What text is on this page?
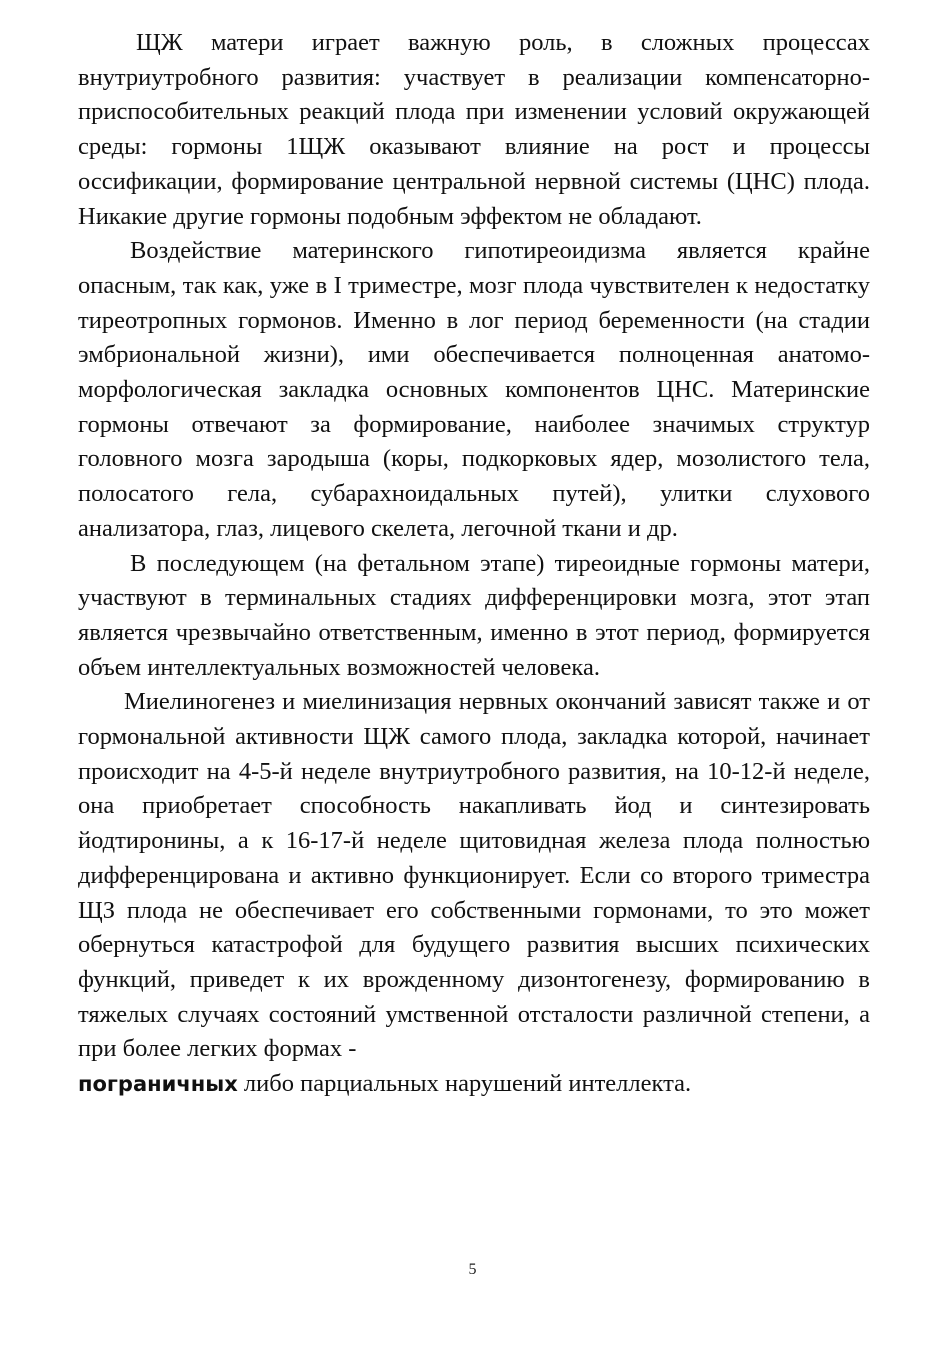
ЩЖ матери играет важную роль, в сложных процессах внутриутробного развития: участвует в реализации компенсаторно-приспособительных реакций плода при изменении условий окружающей среды: гормоны 1ЩЖ оказывают влияние на рост и процессы оссификации, формирование центральной нервной системы (ЦНС) плода. Никакие другие гормоны подобным эффектом не обладают.

Воздействие материнского гипотиреоидизма является крайне опасным, так как, уже в I триместре, мозг плода чувствителен к недостатку тиреотропных гормонов. Именно в лог период беременности (на стадии эмбриональной жизни), ими обеспечивается полноценная анатомо-морфологическая закладка основных компонентов ЦНС. Материнские гормоны отвечают за формирование, наиболее значимых структур головного мозга зародыша (коры, подкорковых ядер, мозолистого тела, полосатого гела, субарахноидальных путей), улитки слухового анализатора, глаз, лицевого скелета, легочной ткани и др.

В последующем (на фетальном этапе) тиреоидные гормоны матери, участвуют в терминальных стадиях дифференцировки мозга, этот этап является чрезвычайно ответственным, именно в этот период, формируется объем интеллектуальных возможностей человека.

Миелиногенез и миелинизация нервных окончаний зависят также и от гормональной активности ЩЖ самого плода, закладка которой, начинает происходит на 4-5-й неделе внутриутробного развития, на 10-12-й неделе, она приобретает способность накапливать йод и синтезировать йодтиронины, а к 16-17-й неделе щитовидная железа плода полностью дифференцирована и активно функционирует. Если со второго триместра ЩЗ плода не обеспечивает его собственными гормонами, то это может обернуться катастрофой для будущего развития высших психических функций, приведет к их врожденному дизонтогенезу, формированию в тяжелых случаях состояний умственной отсталости различной степени, а при более легких формах -
пограничных либо парциальных нарушений интеллекта.

5
